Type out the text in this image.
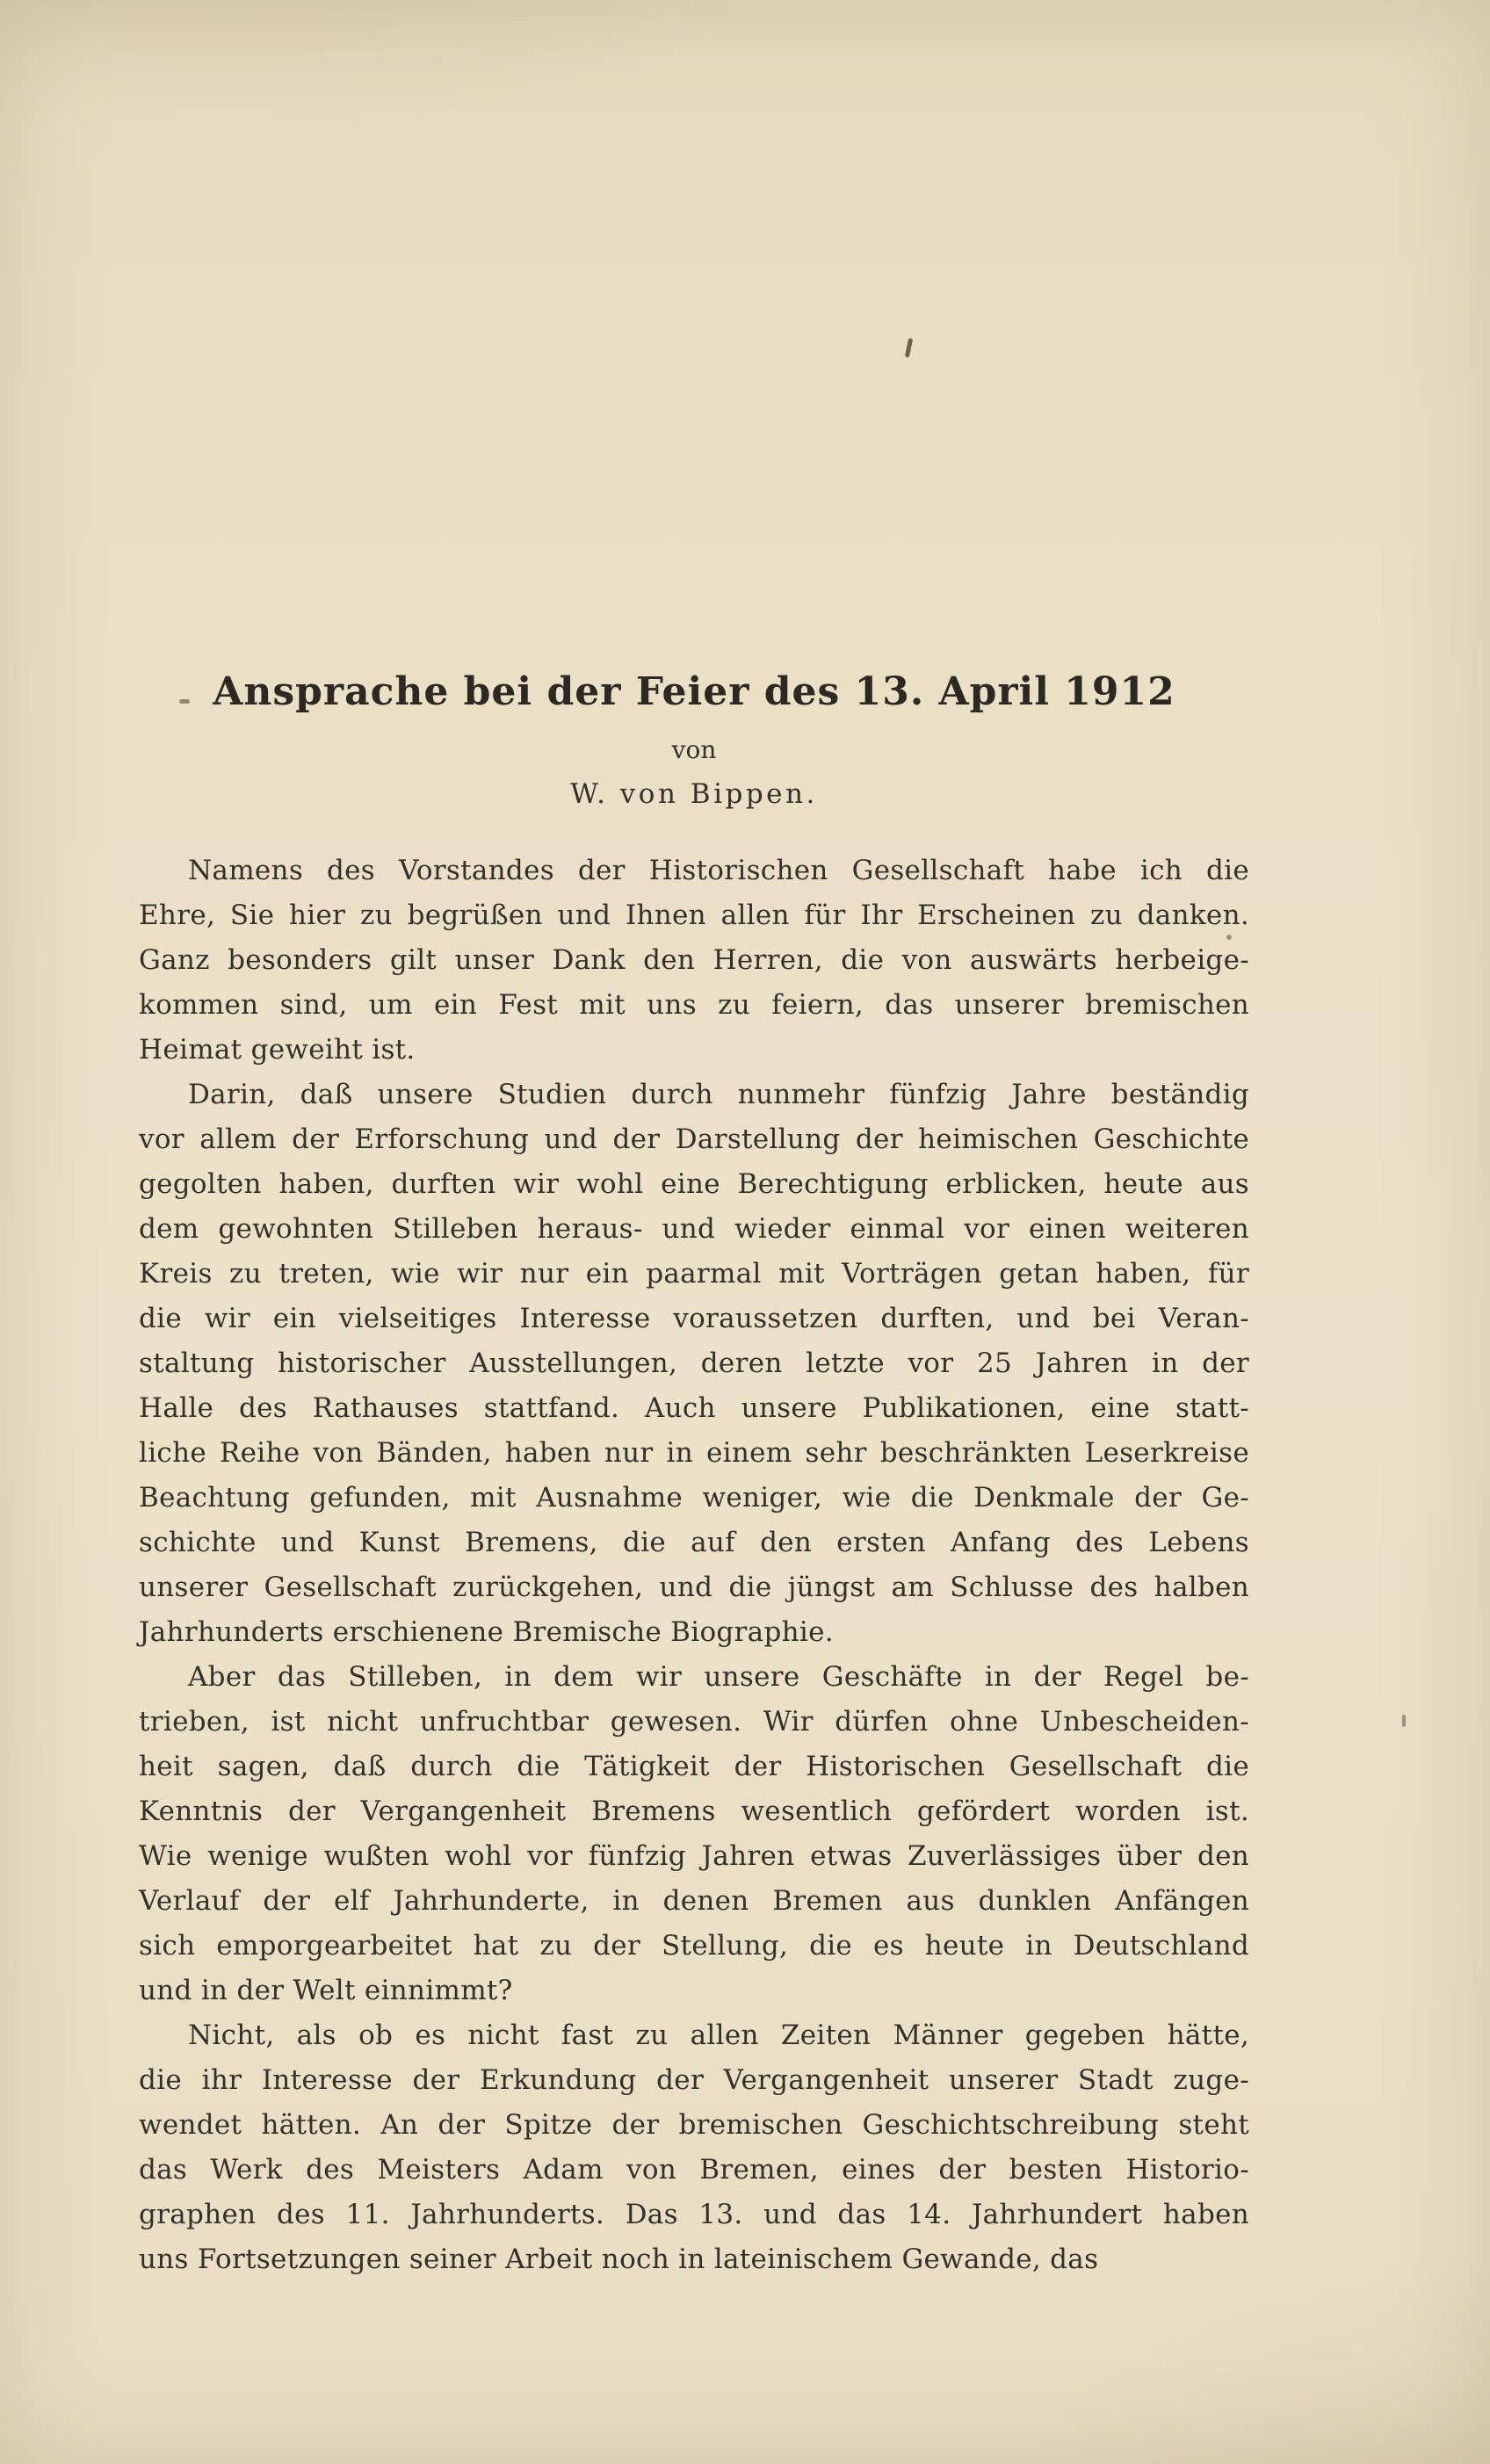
Ansprache bei der Feier des 13. April 1912
von
W. von Bippen.
Namens des Vorstandes der Historischen Gesellschaft habe ich die
Ehre, Sie hier zu begrüßen und Ihnen allen für Ihr Erscheinen zu danken.
Ganz besonders gilt unser Dank den Herren, die von auswärts herbeige-
kommen sind, um ein Fest mit uns zu feiern, das unserer bremischen
Heimat geweiht ist.
Darin, daß unsere Studien durch nunmehr fünfzig Jahre beständig
vor allem der Erforschung und der Darstellung der heimischen Geschichte
gegolten haben, durften wir wohl eine Berechtigung erblicken, heute aus
dem gewohnten Stilleben heraus- und wieder einmal vor einen weiteren
Kreis zu treten, wie wir nur ein paarmal mit Vorträgen getan haben, für
die wir ein vielseitiges Interesse voraussetzen durften, und bei Veran-
staltung historischer Ausstellungen, deren letzte vor 25 Jahren in der
Halle des Rathauses stattfand. Auch unsere Publikationen, eine statt-
liche Reihe von Bänden, haben nur in einem sehr beschränkten Leserkreise
Beachtung gefunden, mit Ausnahme weniger, wie die Denkmale der Ge-
schichte und Kunst Bremens, die auf den ersten Anfang des Lebens
unserer Gesellschaft zurückgehen, und die jüngst am Schlusse des halben
Jahrhunderts erschienene Bremische Biographie.
Aber das Stilleben, in dem wir unsere Geschäfte in der Regel be-
trieben, ist nicht unfruchtbar gewesen. Wir dürfen ohne Unbescheiden-
heit sagen, daß durch die Tätigkeit der Historischen Gesellschaft die
Kenntnis der Vergangenheit Bremens wesentlich gefördert worden ist.
Wie wenige wußten wohl vor fünfzig Jahren etwas Zuverlässiges über den
Verlauf der elf Jahrhunderte, in denen Bremen aus dunklen Anfängen
sich emporgearbeitet hat zu der Stellung, die es heute in Deutschland
und in der Welt einnimmt?
Nicht, als ob es nicht fast zu allen Zeiten Männer gegeben hätte,
die ihr Interesse der Erkundung der Vergangenheit unserer Stadt zuge-
wendet hätten. An der Spitze der bremischen Geschichtschreibung steht
das Werk des Meisters Adam von Bremen, eines der besten Historio-
graphen des 11. Jahrhunderts. Das 13. und das 14. Jahrhundert haben
uns Fortsetzungen seiner Arbeit noch in lateinischem Gewande, das
